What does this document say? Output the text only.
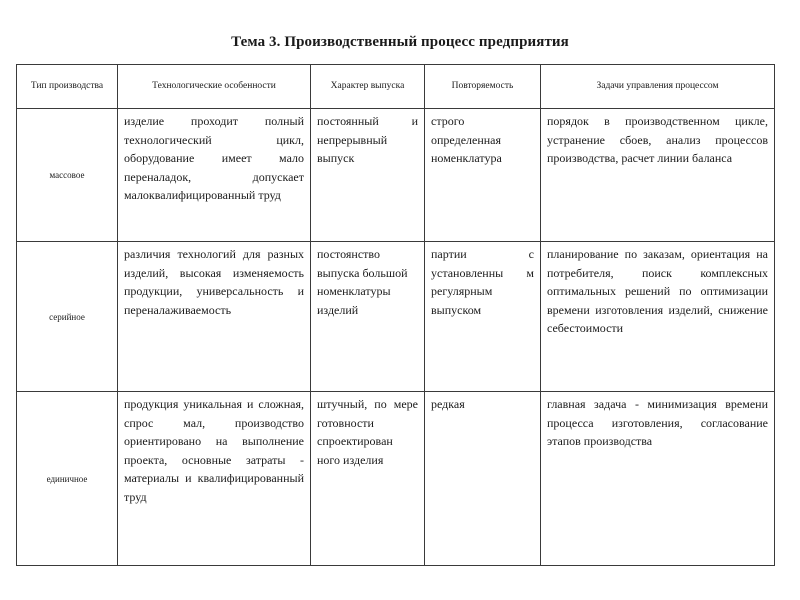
Тема 3. Производственный процесс предприятия
Тип производства	Технологические особенности	Характер выпуска	Повторяемость	Задачи управления процессом
массовое	изделие проходит полный технологический цикл, оборудование имеет мало переналадок, допускает малоквалифицированный труд	постоянный и непрерывный выпуск	строго определенная номенклатура	порядок в производственном цикле, устранение сбоев, анализ процессов производства, расчет линии баланса
серийное	различия технологий для разных изделий, высокая изменяемость продукции, универсальность и переналаживаемость	постоянство выпуска большой номенклатуры изделий	партии с установленны м регулярным выпуском	планирование по заказам, ориентация на потребителя, поиск комплексных оптимальных решений по оптимизации времени изготовления изделий, снижение себестоимости
единичное	продукция уникальная и сложная, спрос мал, производство ориентировано на выполнение проекта, основные затраты - материалы и квалифицированный труд	штучный, по мере готовности спроектирован ного изделия	редкая	главная задача - минимизация времени процесса изготовления, согласование этапов производства
